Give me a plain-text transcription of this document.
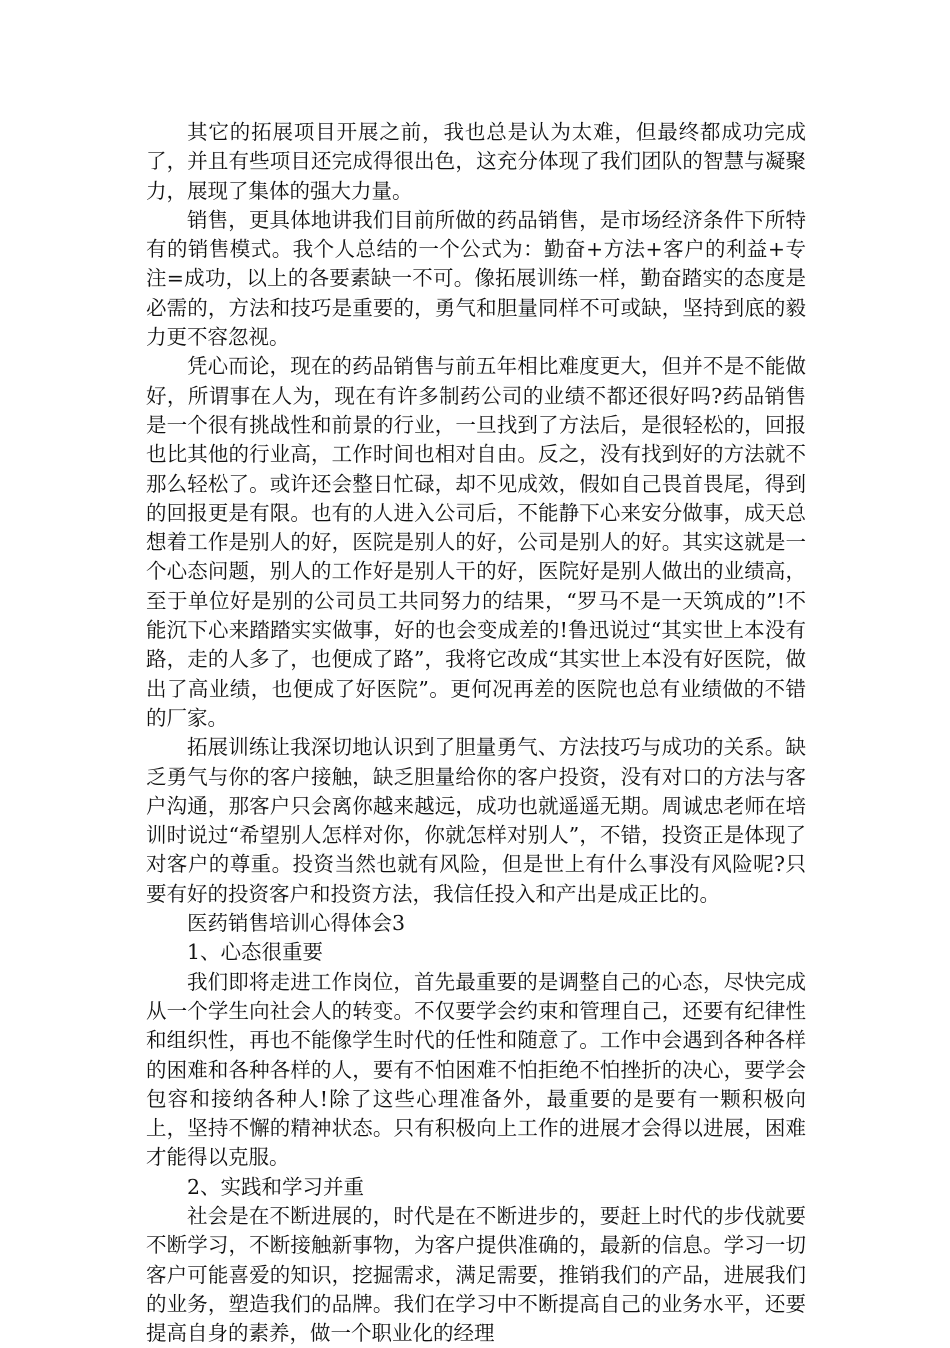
其它的拓展项目开展之前，我也总是认为太难，但最终都成功完成了，并且有些项目还完成得很出色，这充分体现了我们团队的智慧与凝聚力，展现了集体的强大力量。

销售，更具体地讲我们目前所做的药品销售，是市场经济条件下所特有的销售模式。我个人总结的一个公式为：勤奋+方法+客户的利益+专注=成功，以上的各要素缺一不可。像拓展训练一样，勤奋踏实的态度是必需的，方法和技巧是重要的，勇气和胆量同样不可或缺，坚持到底的毅力更不容忽视。

凭心而论，现在的药品销售与前五年相比难度更大，但并不是不能做好，所谓事在人为，现在有许多制药公司的业绩不都还很好吗?药品销售是一个很有挑战性和前景的行业，一旦找到了方法后，是很轻松的，回报也比其他的行业高，工作时间也相对自由。反之，没有找到好的方法就不那么轻松了。或许还会整日忙碌，却不见成效，假如自己畏首畏尾，得到的回报更是有限。也有的人进入公司后，不能静下心来安分做事，成天总想着工作是别人的好，医院是别人的好，公司是别人的好。其实这就是一个心态问题，别人的工作好是别人干的好，医院好是别人做出的业绩高，至于单位好是别的公司员工共同努力的结果，“罗马不是一天筑成的”!不能沉下心来踏踏实实做事，好的也会变成差的!鲁迅说过“其实世上本没有路，走的人多了，也便成了路”，我将它改成“其实世上本没有好医院，做出了高业绩，也便成了好医院”。更何况再差的医院也总有业绩做的不错的厂家。

拓展训练让我深切地认识到了胆量勇气、方法技巧与成功的关系。缺乏勇气与你的客户接触，缺乏胆量给你的客户投资，没有对口的方法与客户沟通，那客户只会离你越来越远，成功也就遥遥无期。周诚忠老师在培训时说过“希望别人怎样对你，你就怎样对别人”，不错，投资正是体现了对客户的尊重。投资当然也就有风险，但是世上有什么事没有风险呢?只要有好的投资客户和投资方法，我信任投入和产出是成正比的。

医药销售培训心得体会3

1、心态很重要

我们即将走进工作岗位，首先最重要的是调整自己的心态，尽快完成从一个学生向社会人的转变。不仅要学会约束和管理自己，还要有纪律性和组织性，再也不能像学生时代的任性和随意了。工作中会遇到各种各样的困难和各种各样的人，要有不怕困难不怕拒绝不怕挫折的决心，要学会包容和接纳各种人!除了这些心理准备外，最重要的是要有一颗积极向上，坚持不懈的精神状态。只有积极向上工作的进展才会得以进展，困难才能得以克服。

2、实践和学习并重

社会是在不断进展的，时代是在不断进步的，要赶上时代的步伐就要不断学习，不断接触新事物，为客户提供准确的，最新的信息。学习一切客户可能喜爱的知识，挖掘需求，满足需要，推销我们的产品，进展我们的业务，塑造我们的品牌。我们在学习中不断提高自己的业务水平，还要提高自身的素养，做一个职业化的经理
